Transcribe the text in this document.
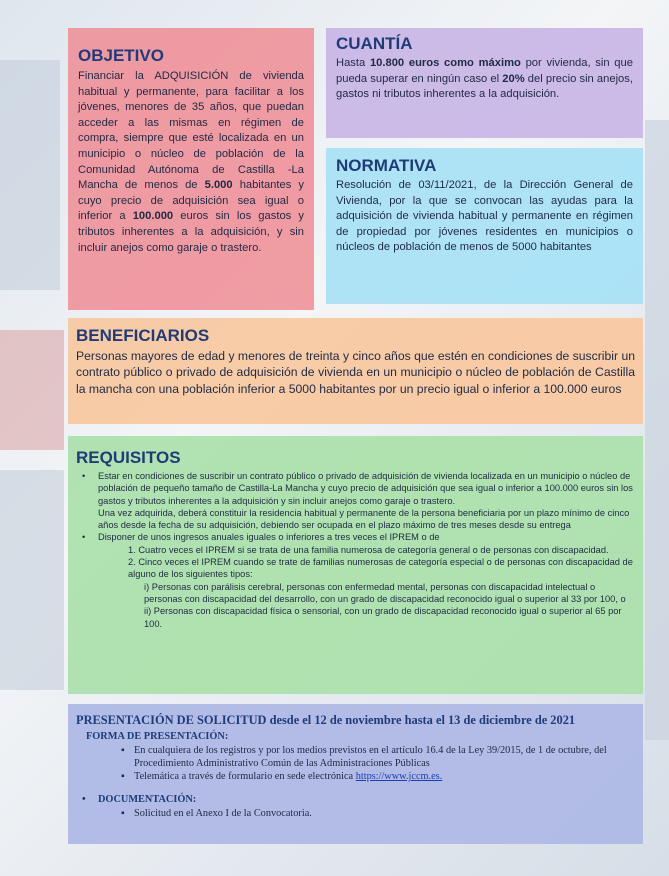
OBJETIVO

Financiar la ADQUISICIÓN de vivienda habitual y permanente, para facilitar a los jóvenes, menores de 35 años, que puedan acceder a las mismas en régimen de compra, siempre que esté localizada en un municipio o núcleo de población de la Comunidad Autónoma de Castilla -La Mancha de menos de 5.000 habitantes y cuyo precio de adquisición sea igual o inferior a 100.000 euros sin los gastos y tributos inherentes a la adquisición, y sin incluir anejos como garaje o trastero.

CUANTÍA

Hasta 10.800 euros como máximo por vivienda, sin que pueda superar en ningún caso el 20% del precio sin anejos, gastos ni tributos inherentes a la adquisición.

NORMATIVA

Resolución de 03/11/2021, de la Dirección General de Vivienda, por la que se convocan las ayudas para la adquisición de vivienda habitual y permanente en régimen de propiedad por jóvenes residentes en municipios o núcleos de población de menos de 5000 habitantes

BENEFICIARIOS

Personas mayores de edad y menores de treinta y cinco años que estén en condiciones de suscribir un contrato público o privado de adquisición de vivienda en un municipio o núcleo de población de Castilla la mancha con una población inferior a 5000 habitantes por un precio igual o inferior a 100.000 euros

REQUISITOS
• Estar en condiciones de suscribir un contrato público o privado de adquisición de vivienda localizada en un municipio o núcleo de población de pequeño tamaño de Castilla-La Mancha y cuyo precio de adquisición que sea igual o inferior a 100.000 euros sin los gastos y tributos inherentes a la adquisición y sin incluir anejos como garaje o trastero.
Una vez adquirida, deberá constituir la residencia habitual y permanente de la persona beneficiaria por un plazo mínimo de cinco años desde la fecha de su adquisición, debiendo ser ocupada en el plazo máximo de tres meses desde su entrega
• Disponer de unos ingresos anuales iguales o inferiores a tres veces el IPREM o de
1. Cuatro veces el IPREM si se trata de una familia numerosa de categoría general o de personas con discapacidad.
2. Cinco veces el IPREM cuando se trate de familias numerosas de categoría especial o de personas con discapacidad de alguno de los siguientes tipos:
i) Personas con parálisis cerebral, personas con enfermedad mental, personas con discapacidad intelectual o personas con discapacidad del desarrollo, con un grado de discapacidad reconocido igual o superior al 33 por 100, o
ii) Personas con discapacidad física o sensorial, con un grado de discapacidad reconocido igual o superior al 65 por 100.
PRESENTACIÓN DE SOLICITUD desde el 12 de noviembre hasta el 13 de diciembre de 2021
FORMA DE PRESENTACIÓN:
▪ En cualquiera de los registros y por los medios previstos en el artículo 16.4 de la Ley 39/2015, de 1 de octubre, del Procedimiento Administrativo Común de las Administraciones Públicas
▪ Telemática a través de formulario en sede electrónica https://www.jccm.es.
• DOCUMENTACIÓN:
▪ Solicitud en el Anexo I de la Convocatoria.
